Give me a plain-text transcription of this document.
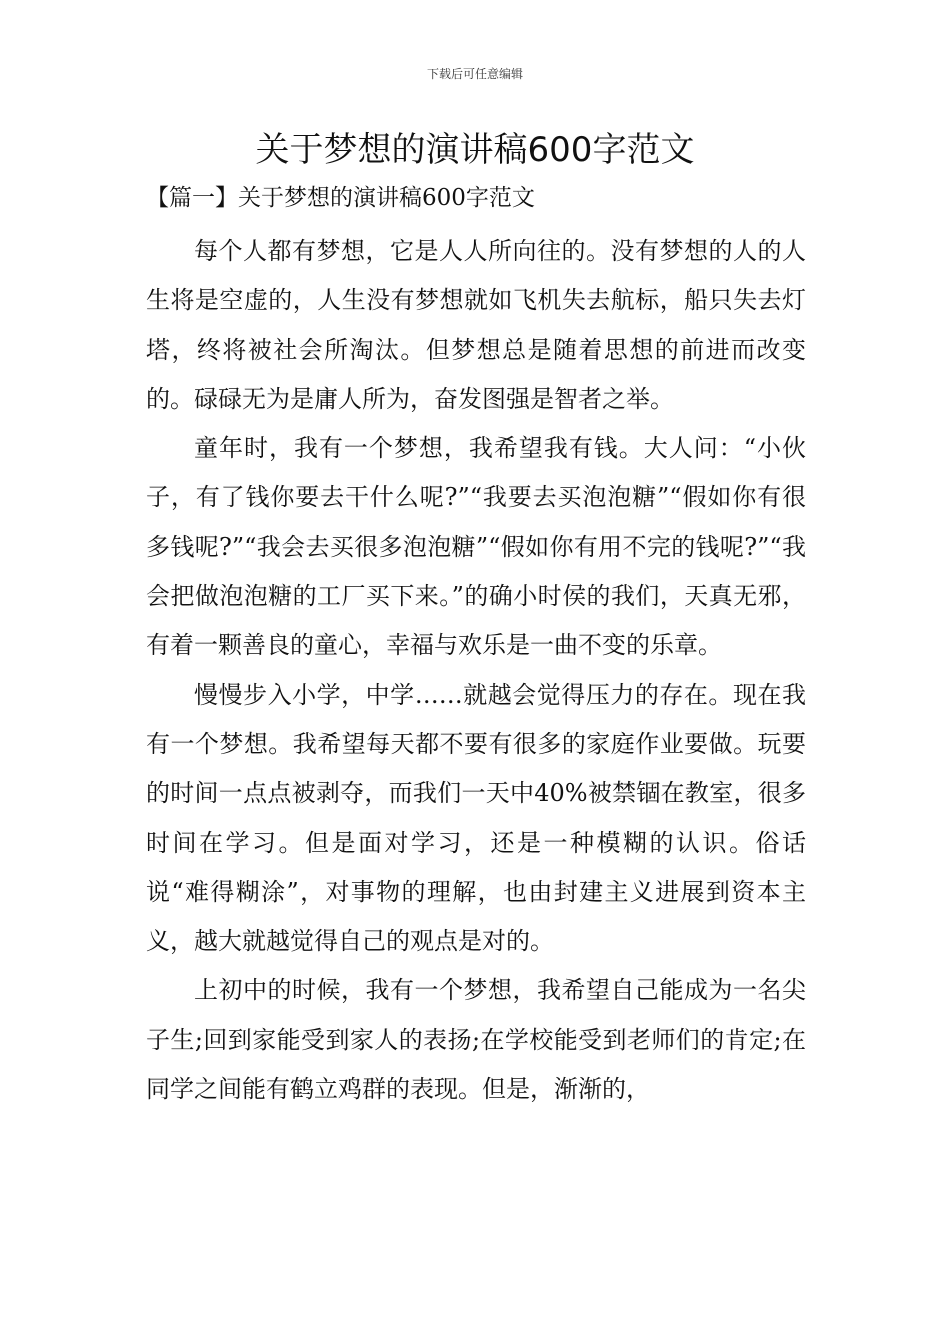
下载后可任意编辑
关于梦想的演讲稿600字范文
【篇一】关于梦想的演讲稿600字范文

每个人都有梦想，它是人人所向往的。没有梦想的人的人生将是空虚的，人生没有梦想就如飞机失去航标，船只失去灯塔，终将被社会所淘汰。但梦想总是随着思想的前进而改变的。碌碌无为是庸人所为，奋发图强是智者之举。

童年时，我有一个梦想，我希望我有钱。大人问：“小伙子，有了钱你要去干什么呢?”“我要去买泡泡糖”“假如你有很多钱呢?”“我会去买很多泡泡糖”“假如你有用不完的钱呢?”“我会把做泡泡糖的工厂买下来。”的确小时侯的我们，天真无邪，有着一颗善良的童心，幸福与欢乐是一曲不变的乐章。

慢慢步入小学，中学……就越会觉得压力的存在。现在我有一个梦想。我希望每天都不要有很多的家庭作业要做。玩要的时间一点点被剥夺，而我们一天中40%被禁锢在教室，很多时间在学习。但是面对学习，还是一种模糊的认识。俗话说“难得糊涂”，对事物的理解，也由封建主义进展到资本主义，越大就越觉得自己的观点是对的。

上初中的时候，我有一个梦想，我希望自己能成为一名尖子生;回到家能受到家人的表扬;在学校能受到老师们的肯定;在同学之间能有鹤立鸡群的表现。但是，渐渐的，
